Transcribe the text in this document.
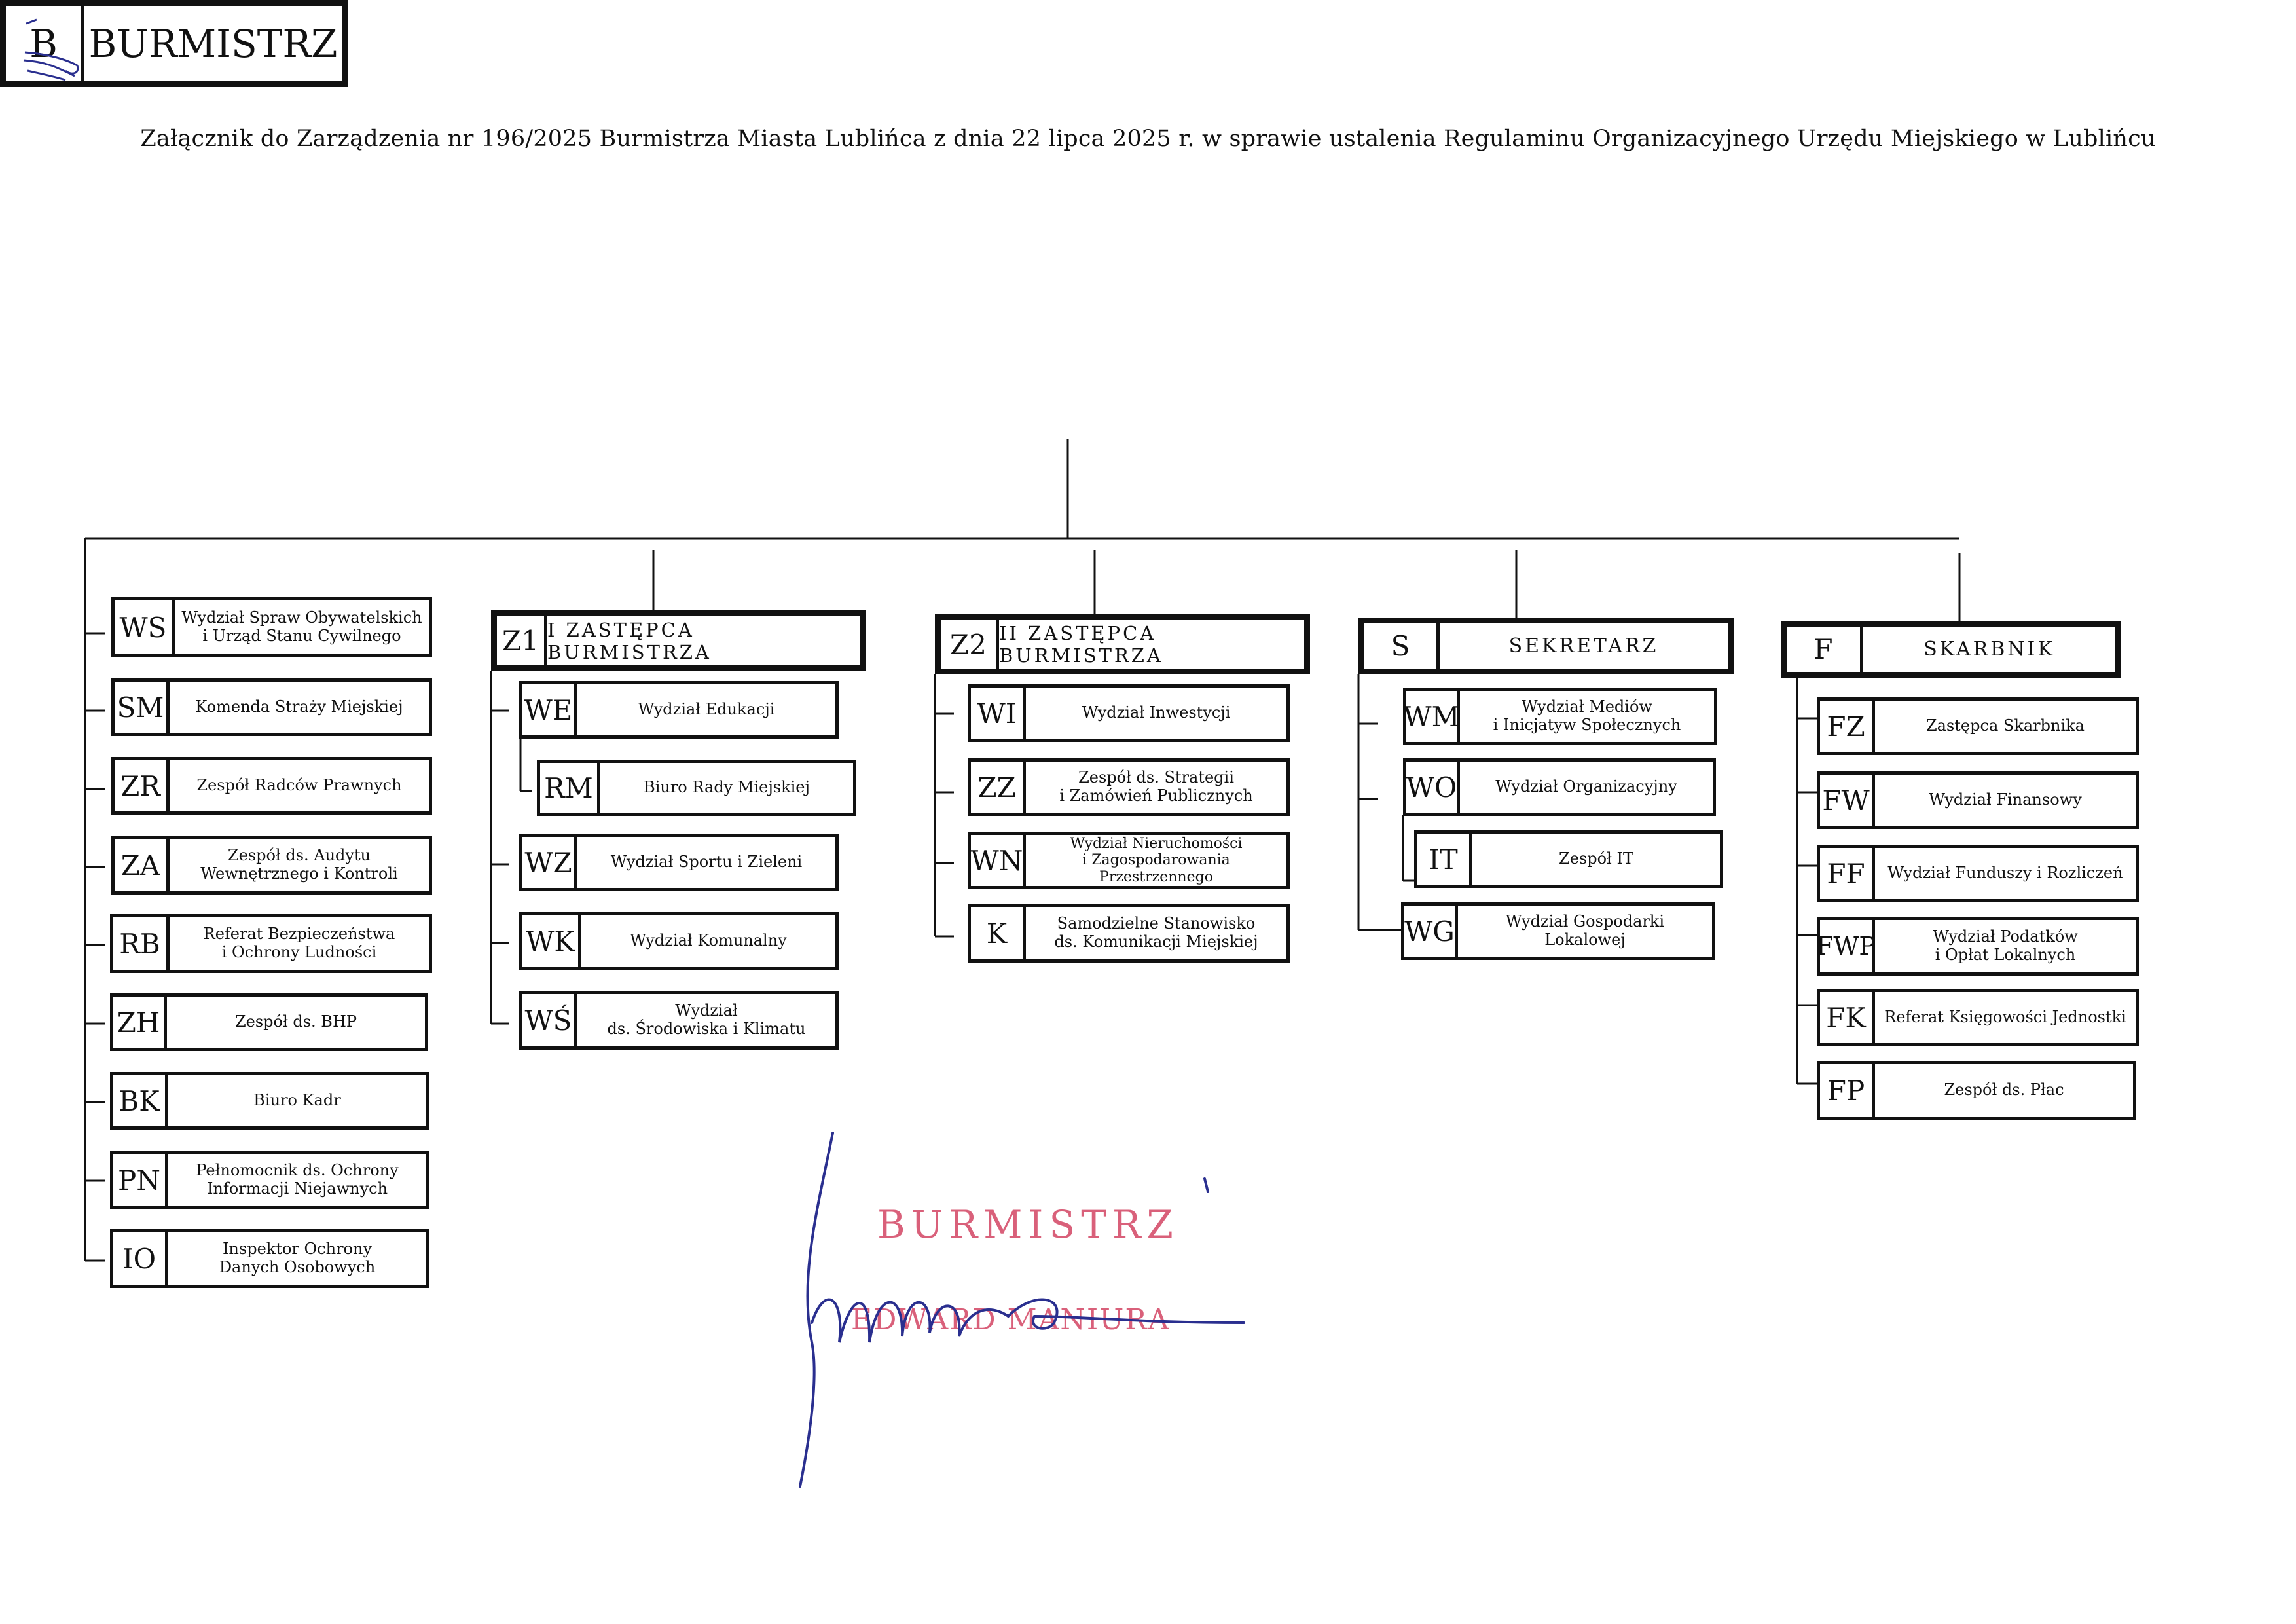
Załącznik do Zarządzenia nr 196/2025 Burmistrza Miasta Lublińca z dnia 22 lipca 2025 r. w sprawie ustalenia Regulaminu Organizacyjnego Urzędu Miejskiego w Lublińcu
B BURMISTRZ
WS Wydział Spraw Obywatelskich
i Urząd Stanu Cywilnego
SM	Komenda Straży Miejskiej
ZR	Zespół Radców Prawnych
ZA	Zespół ds. Audytu
Wewnętrznego i Kontroli
RB	Referat Bezpieczeństwa
i Ochrony Ludności
ZH	Zespół ds. BHP
BK	Biuro Kadr
PN	Pełnomocnik ds. Ochrony
Informacji Niejawnych
IO	Inspektor Ochrony
Danych Osobowych
Z1 I ZASTĘPCA BURMISTRZA
WE	Wydział Edukacji
RM	Biuro Rady Miejskiej
WZ	Wydział Sportu i Zieleni
WK	Wydział Komunalny
WŚ	Wydział
ds. Środowiska i Klimatu
Z2 II ZASTĘPCA BURMISTRZA
WI	Wydział Inwestycji
ZZ	Zespół ds. Strategii
i Zamówień Publicznych
WN
Wydział Nieruchomości
i Zagospodarowania Przestrzennego
K	Samodzielne Stanowisko
ds. Komunikacji Miejskiej
S	SEKRETARZ
WM	Wydział Mediów
i Inicjatyw Społecznych
WO	Wydział Organizacyjny
IT	Zespół IT
WG	Wydział Gospodarki Lokalowej
F	SKARBNIK
FZ	Zastępca Skarbnika
FW	Wydział Finansowy
FF	Wydział Funduszy i Rozliczeń
FWP	Wydział Podatków
i Opłat Lokalnych
FK	Referat Księgowości Jednostki
FP	Zespół ds. Płac
BURMISTRZ
EDWARD MANIURA
